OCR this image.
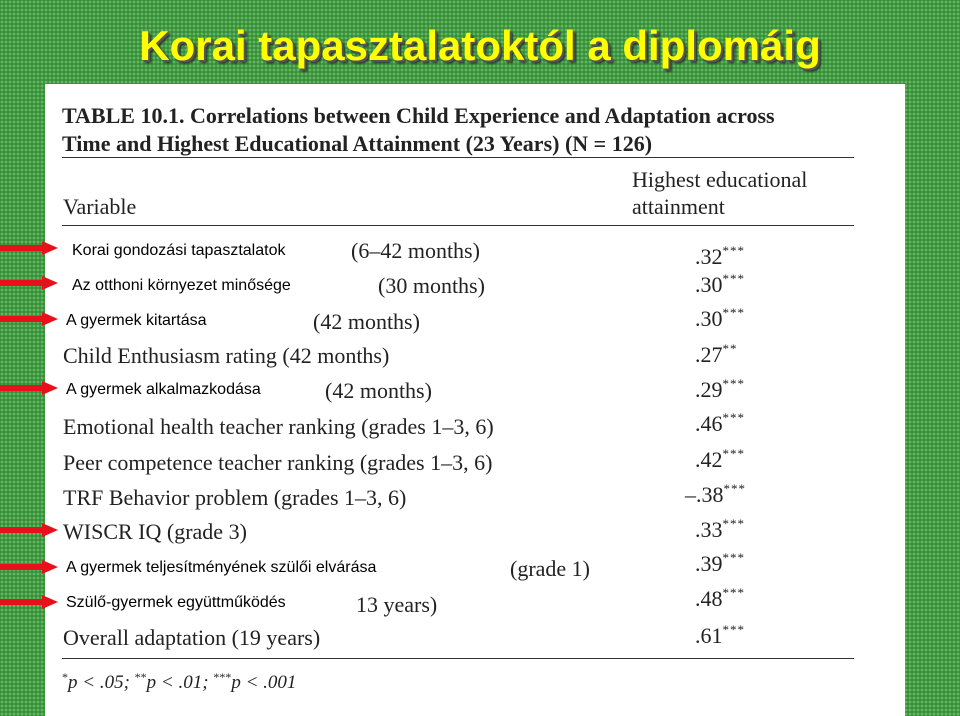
Korai tapasztalatoktól a diplomáig
TABLE 10.1. Correlations between Child Experience and Adaptation across
Time and Highest Educational Attainment (23 Years) (N = 126)
Variable
Highest educational
attainment
Korai gondozási tapasztalatok	(6–42 months)	.32***
Az otthoni környezet minősége	(30 months)	.30***
A gyermek kitartása	(42 months)	.30***
Child Enthusiasm rating (42 months)	.27**
A gyermek alkalmazkodása	(42 months)	.29***
Emotional health teacher ranking (grades 1–3, 6)	.46***
Peer competence teacher ranking (grades 1–3, 6)	.42***
TRF Behavior problem (grades 1–3, 6)	–.38***
WISCR IQ (grade 3)	.33***
A gyermek teljesítményének szülői elvárása	(grade 1)	.39***
Szülő-gyermek együttműködés	13 years)	.48***
Overall adaptation (19 years)	.61***
*p < .05; **p < .01; ***p < .001
